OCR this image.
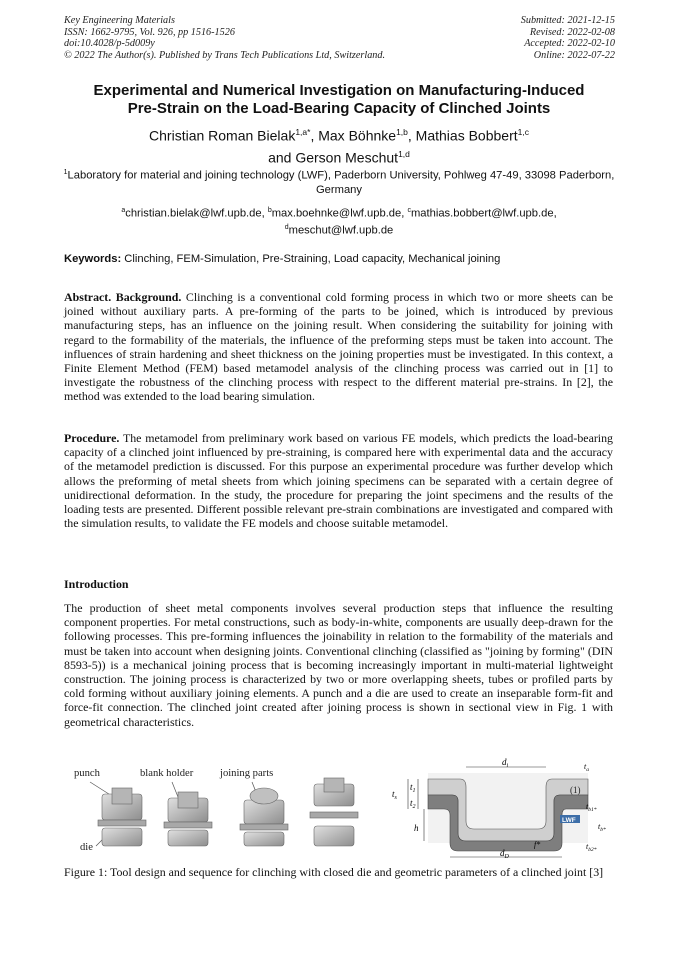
Key Engineering Materials
ISSN: 1662-9795, Vol. 926, pp 1516-1526
doi:10.4028/p-5d009y
© 2022 The Author(s). Published by Trans Tech Publications Ltd, Switzerland.
Submitted: 2021-12-15
Revised: 2022-02-08
Accepted: 2022-02-10
Online: 2022-07-22
Experimental and Numerical Investigation on Manufacturing-Induced
Pre-Strain on the Load-Bearing Capacity of Clinched Joints
Christian Roman Bielak$^{1,a*}$, Max Böhnke$^{1,b}$, Mathias Bobbert$^{1,c}$
and Gerson Meschut$^{1,d}$
$^1$Laboratory for material and joining technology (LWF), Paderborn University, Pohlweg 47-49, 33098 Paderborn, Germany
$^a$christian.bielak@lwf.upb.de, $^b$max.boehnke@lwf.upb.de, $^c$mathias.bobbert@lwf.upb.de,
$^d$meschut@lwf.upb.de
Keywords: Clinching, FEM-Simulation, Pre-Straining, Load capacity, Mechanical joining
Abstract. Background. Clinching is a conventional cold forming process in which two or more sheets can be joined without auxiliary parts. A pre-forming of the parts to be joined, which is introduced by previous manufacturing steps, has an influence on the joining result. When considering the suitability for joining with regard to the formability of the materials, the influence of the preforming steps must be taken into account. The influences of strain hardening and sheet thickness on the joining properties must be investigated. In this context, a Finite Element Method (FEM) based metamodel analysis of the clinching process was carried out in [1] to investigate the robustness of the clinching process with respect to the different material pre-strains. In [2], the method was extended to the load bearing simulation.
Procedure. The metamodel from preliminary work based on various FE models, which predicts the load-bearing capacity of a clinched joint influenced by pre-straining, is compared here with experimental data and the accuracy of the metamodel prediction is discussed. For this purpose an experimental procedure was further develop which allows the preforming of metal sheets from which joining specimens can be separated with a certain degree of unidirectional deformation. In the study, the procedure for preparing the joint specimens and the results of the loading tests are presented. Different possible relevant pre-strain combinations are investigated and compared with the simulation results, to validate the FE models and choose suitable metamodel.
Introduction
The production of sheet metal components involves several production steps that influence the resulting component properties. For metal constructions, such as body-in-white, components are usually deep-drawn for the following processes. This pre-forming influences the joinability in relation to the formability of the materials and must be taken into account when designing joints. Conventional clinching (classified as "joining by forming" (DIN 8593-5)) is a mechanical joining process that is becoming increasingly important in multi-material lightweight construction. The joining process is characterized by two or more overlapping sheets, tubes or profiled parts by cold forming without auxiliary joining elements. A punch and a die are used to create an inseparable form-fit and force-fit connection. The clinched joint created after joining process is shown in sectional view in Fig. 1 with geometrical characteristics.
punch	blank holder	joining parts
die
LWF
(1)
$d_i$
$d_D$
$t_s$
$t_1$
$t_2$
h
$t_a$
$t_{b1*}$
$t_{b*}$
$t_{b2*}$
f*
Figure 1: Tool design and sequence for clinching with closed die and geometric parameters of a clinched joint [3]
